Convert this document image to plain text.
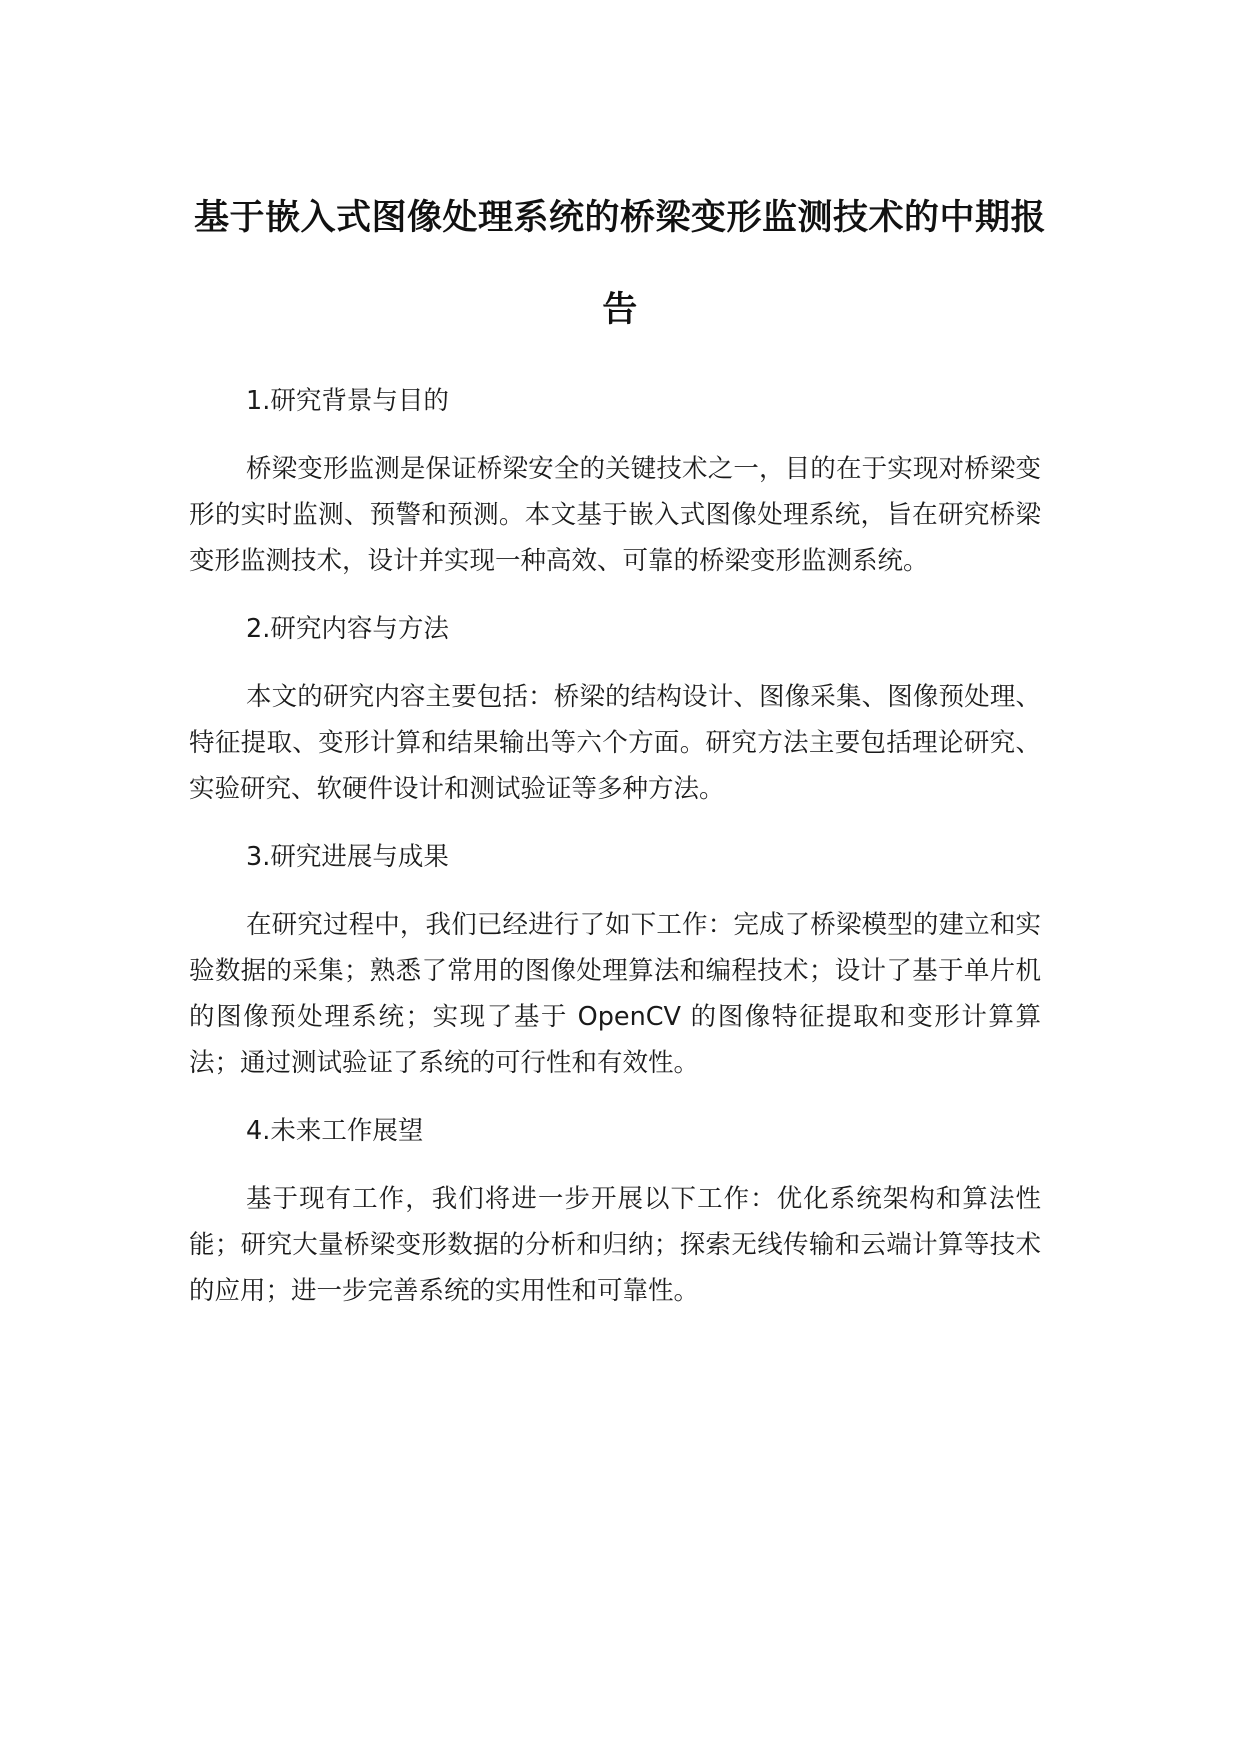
基于嵌入式图像处理系统的桥梁变形监测技术的中期报告

1.研究背景与目的

桥梁变形监测是保证桥梁安全的关键技术之一，目的在于实现对桥梁变形的实时监测、预警和预测。本文基于嵌入式图像处理系统，旨在研究桥梁变形监测技术，设计并实现一种高效、可靠的桥梁变形监测系统。

2.研究内容与方法

本文的研究内容主要包括：桥梁的结构设计、图像采集、图像预处理、特征提取、变形计算和结果输出等六个方面。研究方法主要包括理论研究、实验研究、软硬件设计和测试验证等多种方法。

3.研究进展与成果

在研究过程中，我们已经进行了如下工作：完成了桥梁模型的建立和实验数据的采集；熟悉了常用的图像处理算法和编程技术；设计了基于单片机的图像预处理系统；实现了基于 OpenCV 的图像特征提取和变形计算算法；通过测试验证了系统的可行性和有效性。

4.未来工作展望

基于现有工作，我们将进一步开展以下工作：优化系统架构和算法性能；研究大量桥梁变形数据的分析和归纳；探索无线传输和云端计算等技术的应用；进一步完善系统的实用性和可靠性。
